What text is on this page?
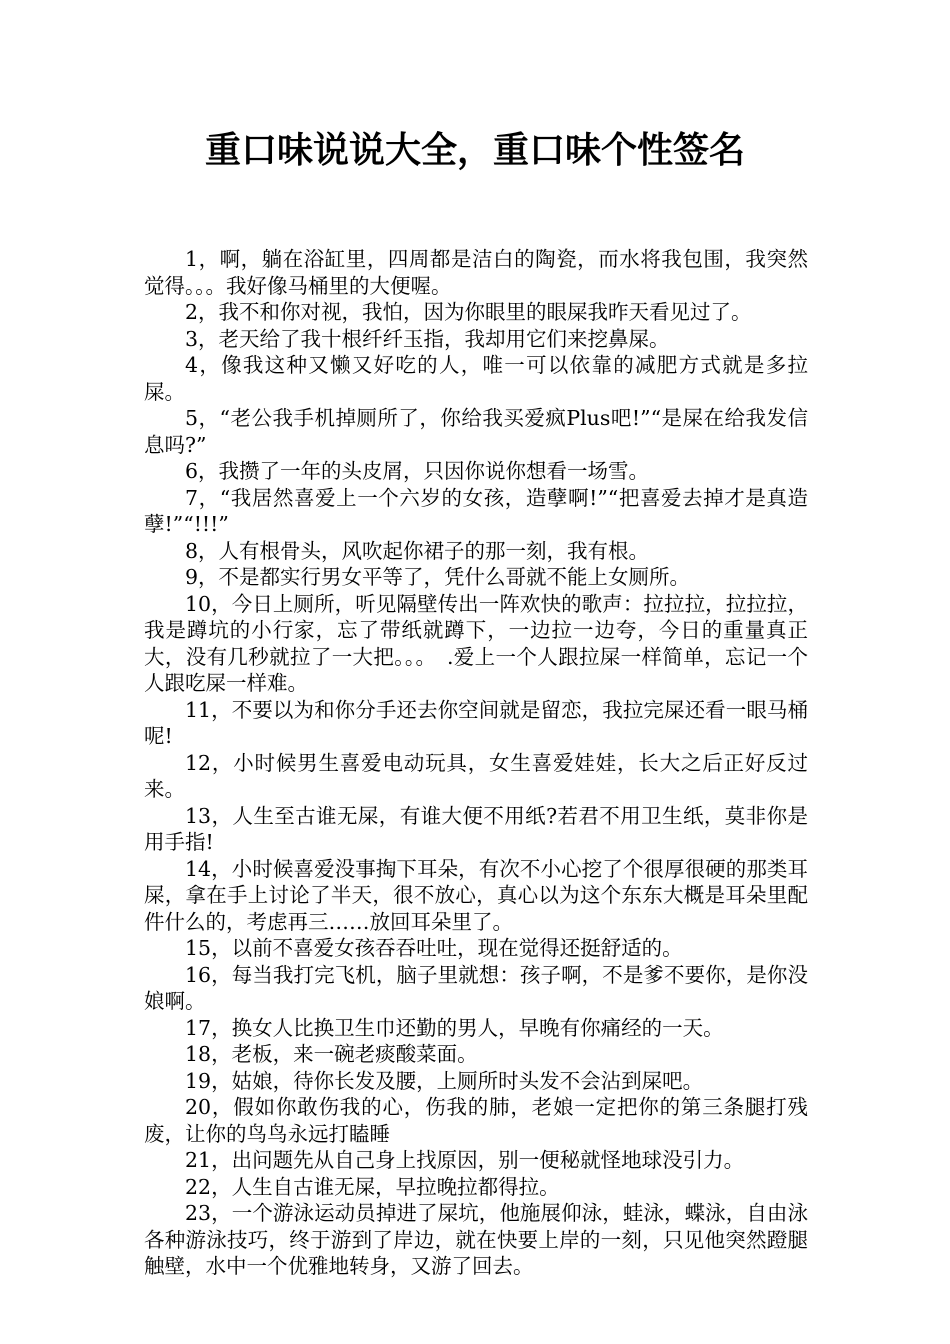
重口味说说大全，重口味个性签名

1，啊，躺在浴缸里，四周都是洁白的陶瓷，而水将我包围，我突然觉得。。。我好像马桶里的大便喔。

2，我不和你对视，我怕，因为你眼里的眼屎我昨天看见过了。

3，老天给了我十根纤纤玉指，我却用它们来挖鼻屎。

4，像我这种又懒又好吃的人，唯一可以依靠的减肥方式就是多拉屎。

5，“老公我手机掉厕所了，你给我买爱疯Plus吧!”“是屎在给我发信息吗?”

6，我攒了一年的头皮屑，只因你说你想看一场雪。

7，“我居然喜爱上一个六岁的女孩，造孽啊!”“把喜爱去掉才是真造孽!”“!!!”

8，人有根骨头，风吹起你裙子的那一刻，我有根。

9，不是都实行男女平等了，凭什么哥就不能上女厕所。

10，今日上厕所，听见隔壁传出一阵欢快的歌声：拉拉拉，拉拉拉，我是蹲坑的小行家，忘了带纸就蹲下，一边拉一边夸，今日的重量真正大，没有几秒就拉了一大把。。。　.爱上一个人跟拉屎一样简单，忘记一个人跟吃屎一样难。

11，不要以为和你分手还去你空间就是留恋，我拉完屎还看一眼马桶呢!

12，小时候男生喜爱电动玩具，女生喜爱娃娃，长大之后正好反过来。

13，人生至古谁无屎，有谁大便不用纸?若君不用卫生纸，莫非你是用手指!

14，小时候喜爱没事掏下耳朵，有次不小心挖了个很厚很硬的那类耳屎，拿在手上讨论了半天，很不放心，真心以为这个东东大概是耳朵里配件什么的，考虑再三……放回耳朵里了。

15，以前不喜爱女孩吞吞吐吐，现在觉得还挺舒适的。

16，每当我打完飞机，脑子里就想：孩子啊，不是爹不要你，是你没娘啊。

17，换女人比换卫生巾还勤的男人，早晚有你痛经的一天。

18，老板，来一碗老痰酸菜面。

19，姑娘，待你长发及腰，上厕所时头发不会沾到屎吧。

20，假如你敢伤我的心，伤我的肺，老娘一定把你的第三条腿打残废，让你的鸟鸟永远打瞌睡

21，出问题先从自己身上找原因，别一便秘就怪地球没引力。

22，人生自古谁无屎，早拉晚拉都得拉。

23，一个游泳运动员掉进了屎坑，他施展仰泳，蛙泳，蝶泳，自由泳各种游泳技巧，终于游到了岸边，就在快要上岸的一刻，只见他突然蹬腿触壁，水中一个优雅地转身，又游了回去。
